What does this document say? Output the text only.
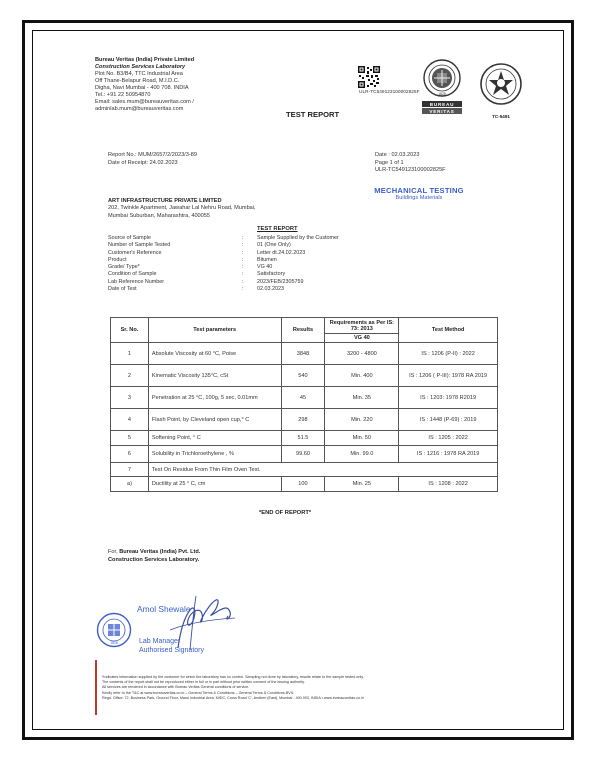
Bureau Veritas (India) Private Limited
Construction Services Laboratory
Plot No. B3/B4, TTC Industrial Area
Off Thane-Belapur Road, M.I.D.C.
Digha, Navi Mumbai - 400 708. INDIA
Tel.: +91 22 50954870
Email: sales.mum@bureauveritas.com /
adminlab.mum@bureauveritas.com
ULR-TC549123100002825F
TEST REPORT
1828
BUREAU
VERITAS
TC-5491
Report No.: MUM/2657/2/2023/3-89
Date of Receipt: 24.02.2023
Date : 02.03.2023
Page 1 of 1
ULR-TC549123100002825F
MECHANICAL TESTING
Buildings Materials
ART INFRASTRUCTURE PRIVATE LIMITED
202, Twinkle Apartment, Jawahar Lal Nehru Road, Mumbai,
Mumbai Suburban, Maharashtra, 400055
TEST REPORT
Source of Sample	:	Sample Supplied by the Customer
Number of Sample Tested	:	01 (One Only)
Customer's Reference	:	Letter dt.24.02.2023
Product	:	Bitumen
Grade/ Type*	:	VG 40
Condition of Sample	:	Satisfactory
Lab Reference Number	:	2023/FEB/2305759
Date of Test	:	02.03.2023
Sr. No.	Test parameters	Results	Requirements as Per IS: 73: 2013	Test Method
			VG 40	
1	Absolute Viscosity at 60 °C, Poise	3848	3200 - 4800	IS : 1206 (P-II) : 2022
2	Kinematic Viscosity 135°C, cSt	540	Min. 400	IS : 1206 ( P-III): 1978 RA 2019
3	Penetration at 25 °C, 100g, 5 sec, 0.01mm	45	Min. 35	IS : 1203: 1978 R2019
4	Flash Point, by Cleveland open cup,° C	298	Min. 220	IS : 1448 (P-69) : 2019
5	Softening Point, ° C	51.5	Min. 50	IS : 1205 : 2022
6	Solubility in Trichloroethylene , %	99.60	Min. 99.0	IS : 1216 : 1978 RA 2019
7	Test On Residue From Thin Film Oven Test.			
a)	Ductility at 25 ° C, cm	100	Min. 25	IS : 1208 : 2022
*END OF REPORT*
For, Bureau Veritas (India) Pvt. Ltd.
Construction Services Laboratory.
1828
Amol Shewale
Lab Manager
Authorised Signatory
*Indicates information supplied by the customer for which the laboratory has no control. Sampling not done by laboratory, results relate to the sample tested only.
The contents of the report shall not be reproduced either in full or in part without prior written consent of the issuing authority.
All services are rendered in accordance with Bureau Veritas General conditions of service.
Kindly refer to the T&C at www.bureauveritas.co.in – General Terms & Conditions – General Terms & Conditions-BVIL
Regd. Office: 72, Business Park, Ground Floor, Marol Industrial Area, MIDC, Cross Road 'C', Andheri (East), Mumbai - 400 093, INDIA • www.bureauveritas.co.in
